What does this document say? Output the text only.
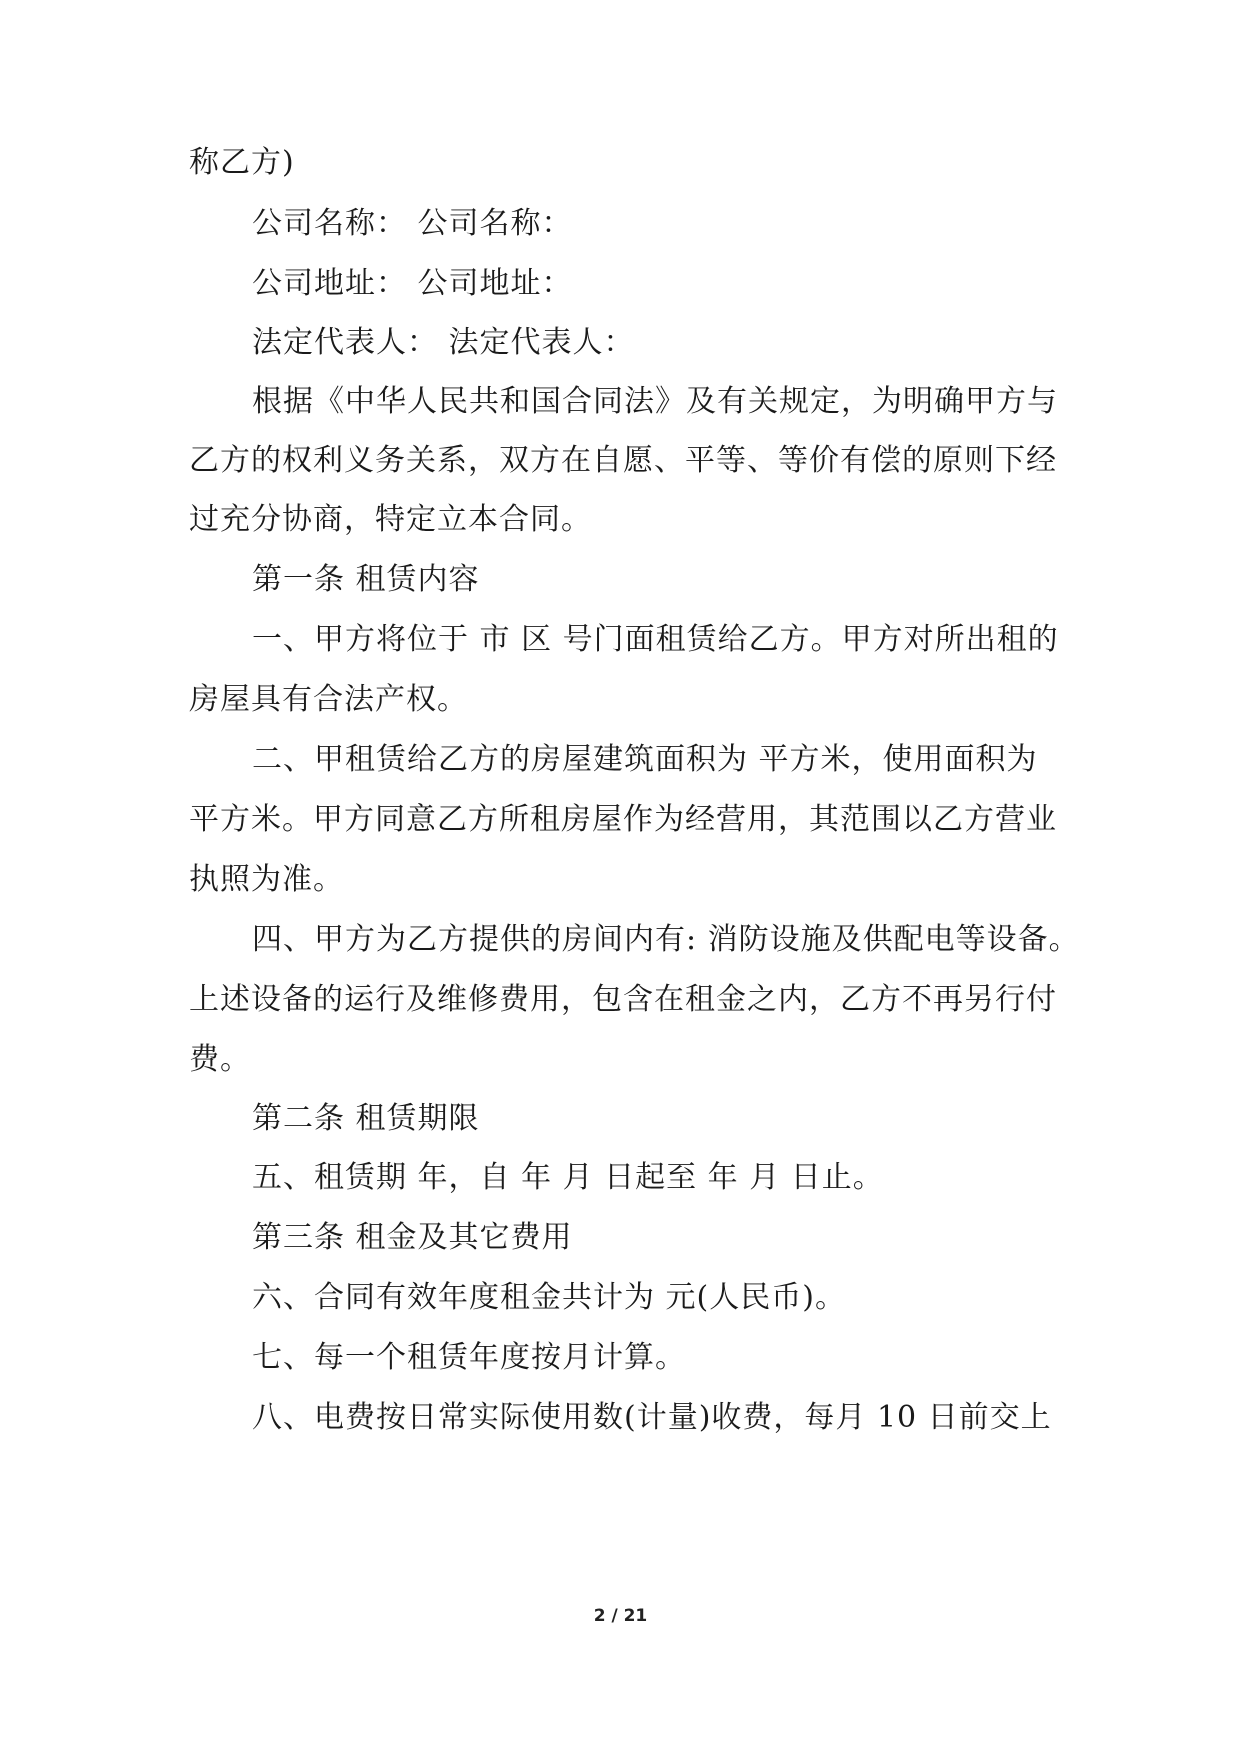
称乙方)
公司名称： 公司名称：
公司地址： 公司地址：
法定代表人： 法定代表人：
根据《中华人民共和国合同法》及有关规定，为明确甲方与
乙方的权利义务关系，双方在自愿、平等、等价有偿的原则下经
过充分协商，特定立本合同。
第一条 租赁内容
一、甲方将位于 市 区 号门面租赁给乙方。甲方对所出租的
房屋具有合法产权。
二、甲租赁给乙方的房屋建筑面积为 平方米，使用面积为
平方米。甲方同意乙方所租房屋作为经营用，其范围以乙方营业
执照为准。
四、甲方为乙方提供的房间内有: 消防设施及供配电等设备。
上述设备的运行及维修费用，包含在租金之内，乙方不再另行付
费。
第二条 租赁期限
五、租赁期 年，自 年 月 日起至 年 月 日止。
第三条 租金及其它费用
六、合同有效年度租金共计为 元(人民币)。
七、每一个租赁年度按月计算。
八、电费按日常实际使用数(计量)收费，每月 10 日前交上
2 / 21
